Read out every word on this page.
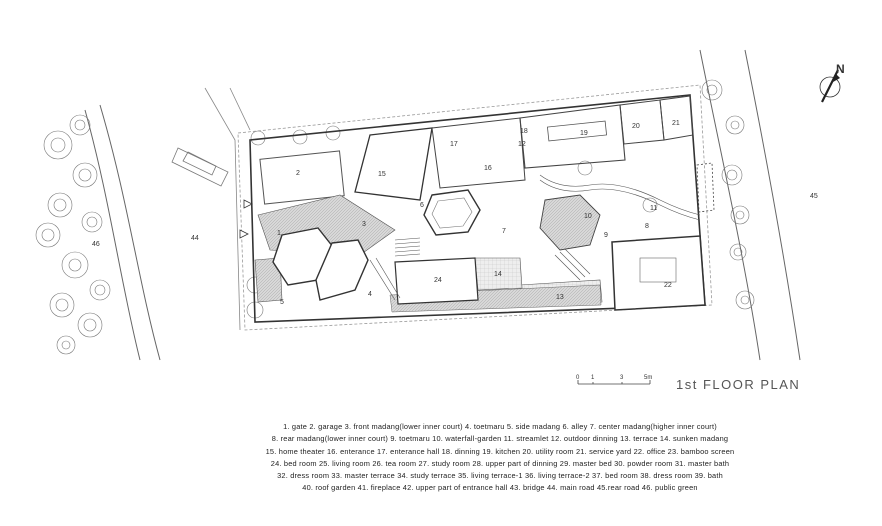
2
3
4
5
6
7
8
9
10
11
12
13
14
15
16
17
18	19
20	21
22
24
44
45
46
1
N
0 1	3	5m 1st FLOOR PLAN
1. gate 2. garage 3. front madang(lower inner court) 4. toetmaru 5. side madang 6. alley 7. center madang(higher inner court)
8. rear madang(lower inner court) 9. toetmaru 10. waterfall-garden 11. streamlet 12. outdoor dinning 13. terrace 14. sunken madang
15. home theater 16. enterance 17. enterance hall 18. dinning 19. kitchen 20. utility room 21. service yard 22. office 23. bamboo screen
24. bed room 25. living room 26. tea room 27. study room 28. upper part of dinning 29. master bed 30. powder room 31. master bath
32. dress room 33. master terrace 34. study terrace 35. living terrace-1 36. living terrace-2 37. bed room 38. dress room 39. bath
40. roof garden 41. fireplace 42. upper part of entrance hall 43. bridge 44. main road 45.rear road 46. public green
